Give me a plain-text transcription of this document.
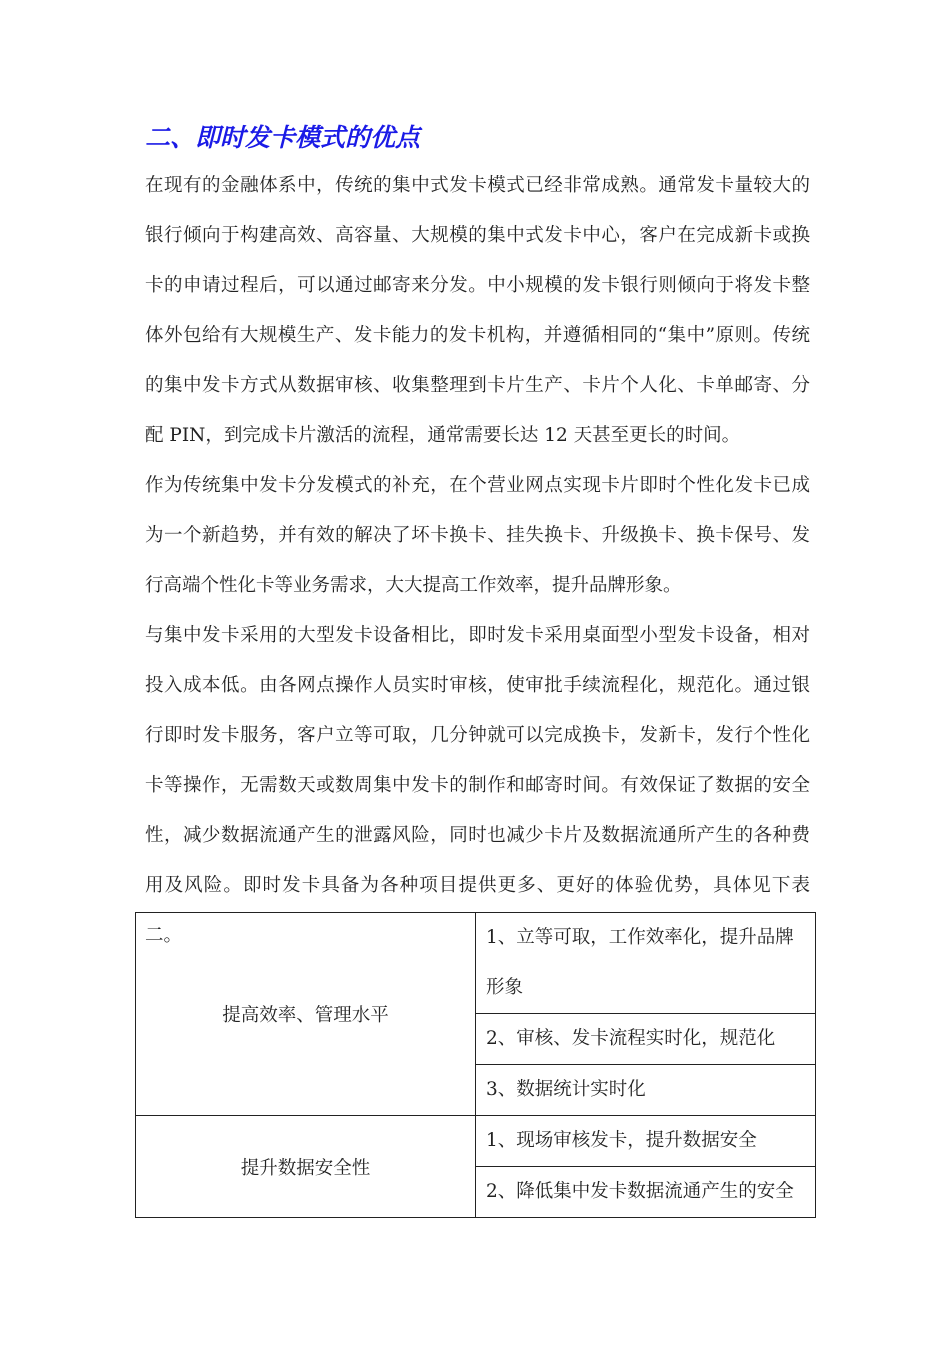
二、即时发卡模式的优点

在现有的金融体系中，传统的集中式发卡模式已经非常成熟。通常发卡量较大的银行倾向于构建高效、高容量、大规模的集中式发卡中心，客户在完成新卡或换卡的申请过程后，可以通过邮寄来分发。中小规模的发卡银行则倾向于将发卡整体外包给有大规模生产、发卡能力的发卡机构，并遵循相同的“集中”原则。传统的集中发卡方式从数据审核、收集整理到卡片生产、卡片个人化、卡单邮寄、分配 PIN，到完成卡片激活的流程，通常需要长达 12 天甚至更长的时间。

作为传统集中发卡分发模式的补充，在个营业网点实现卡片即时个性化发卡已成为一个新趋势，并有效的解决了坏卡换卡、挂失换卡、升级换卡、换卡保号、发行高端个性化卡等业务需求，大大提高工作效率，提升品牌形象。

与集中发卡采用的大型发卡设备相比，即时发卡采用桌面型小型发卡设备，相对投入成本低。由各网点操作人员实时审核，使审批手续流程化，规范化。通过银行即时发卡服务，客户立等可取，几分钟就可以完成换卡，发新卡，发行个性化卡等操作，无需数天或数周集中发卡的制作和邮寄时间。有效保证了数据的安全性，减少数据流通产生的泄露风险，同时也减少卡片及数据流通所产生的各种费用及风险。即时发卡具备为各种项目提供更多、更好的体验优势，具体见下表二。

提高效率、管理水平	1、立等可取，工作效率化，提升品牌形象
	2、审核、发卡流程实时化，规范化
	3、数据统计实时化
提升数据安全性	1、现场审核发卡，提升数据安全
	2、降低集中发卡数据流通产生的安全
